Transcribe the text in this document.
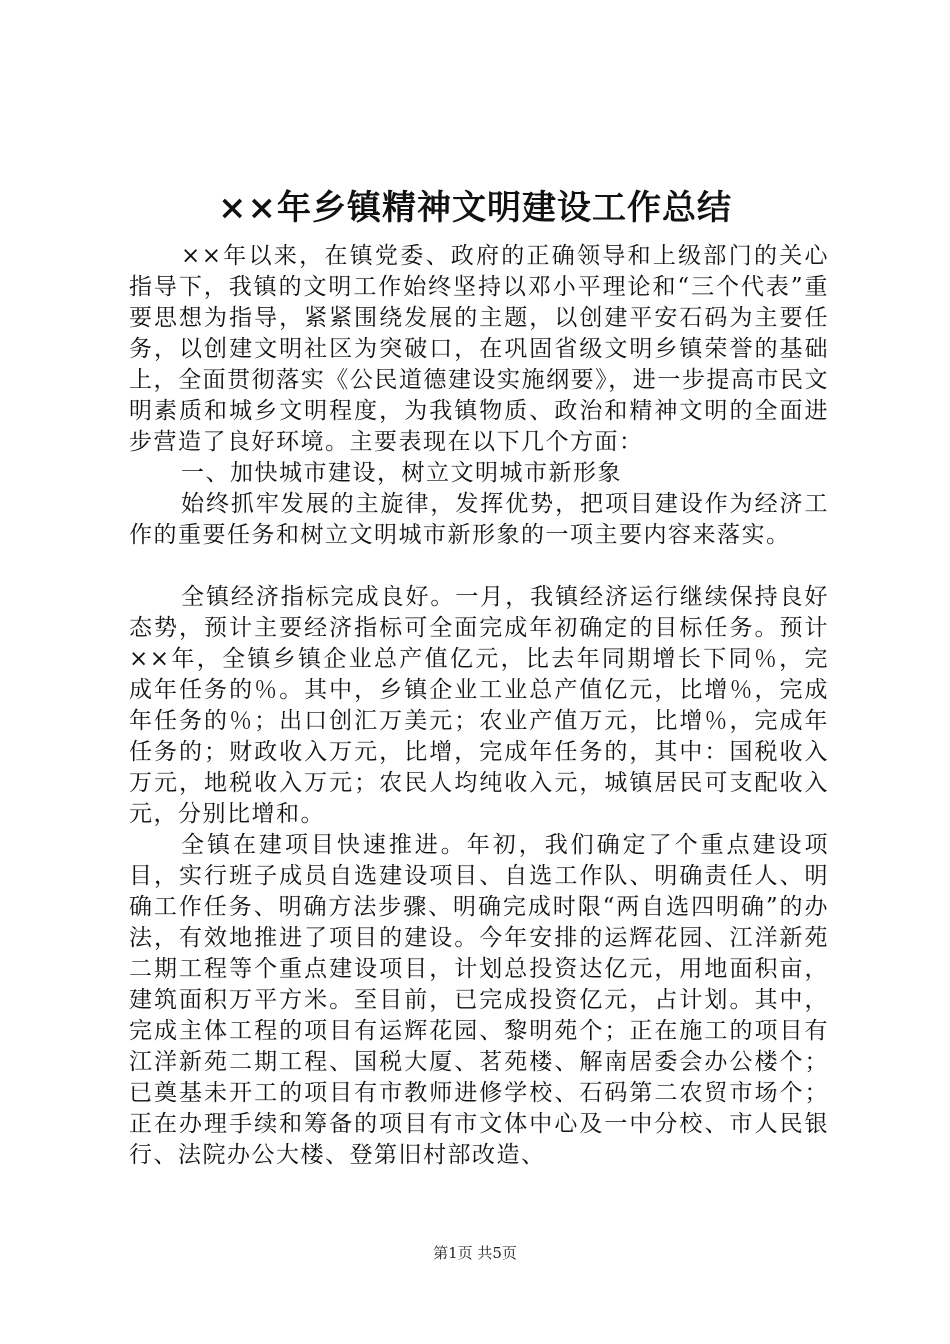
××年乡镇精神文明建设工作总结

××年以来，在镇党委、政府的正确领导和上级部门的关心指导下，我镇的文明工作始终坚持以邓小平理论和“三个代表”重要思想为指导，紧紧围绕发展的主题，以创建平安石码为主要任务，以创建文明社区为突破口，在巩固省级文明乡镇荣誉的基础上，全面贯彻落实《公民道德建设实施纲要》，进一步提高市民文明素质和城乡文明程度，为我镇物质、政治和精神文明的全面进步营造了良好环境。主要表现在以下几个方面：

一、加快城市建设，树立文明城市新形象

始终抓牢发展的主旋律，发挥优势，把项目建设作为经济工作的重要任务和树立文明城市新形象的一项主要内容来落实。

全镇经济指标完成良好。一月，我镇经济运行继续保持良好态势，预计主要经济指标可全面完成年初确定的目标任务。预计××年，全镇乡镇企业总产值亿元，比去年同期增长下同％，完成年任务的％。其中，乡镇企业工业总产值亿元，比增％，完成年任务的％；出口创汇万美元；农业产值万元，比增％，完成年任务的；财政收入万元，比增，完成年任务的，其中：国税收入万元，地税收入万元；农民人均纯收入元，城镇居民可支配收入元，分别比增和。

全镇在建项目快速推进。年初，我们确定了个重点建设项目，实行班子成员自选建设项目、自选工作队、明确责任人、明确工作任务、明确方法步骤、明确完成时限“两自选四明确”的办法，有效地推进了项目的建设。今年安排的运辉花园、江洋新苑二期工程等个重点建设项目，计划总投资达亿元，用地面积亩，建筑面积万平方米。至目前，已完成投资亿元，占计划。其中，完成主体工程的项目有运辉花园、黎明苑个；正在施工的项目有江洋新苑二期工程、国税大厦、茗苑楼、解南居委会办公楼个；已奠基未开工的项目有市教师进修学校、石码第二农贸市场个；正在办理手续和筹备的项目有市文体中心及一中分校、市人民银行、法院办公大楼、登第旧村部改造、

第1页 共5页
